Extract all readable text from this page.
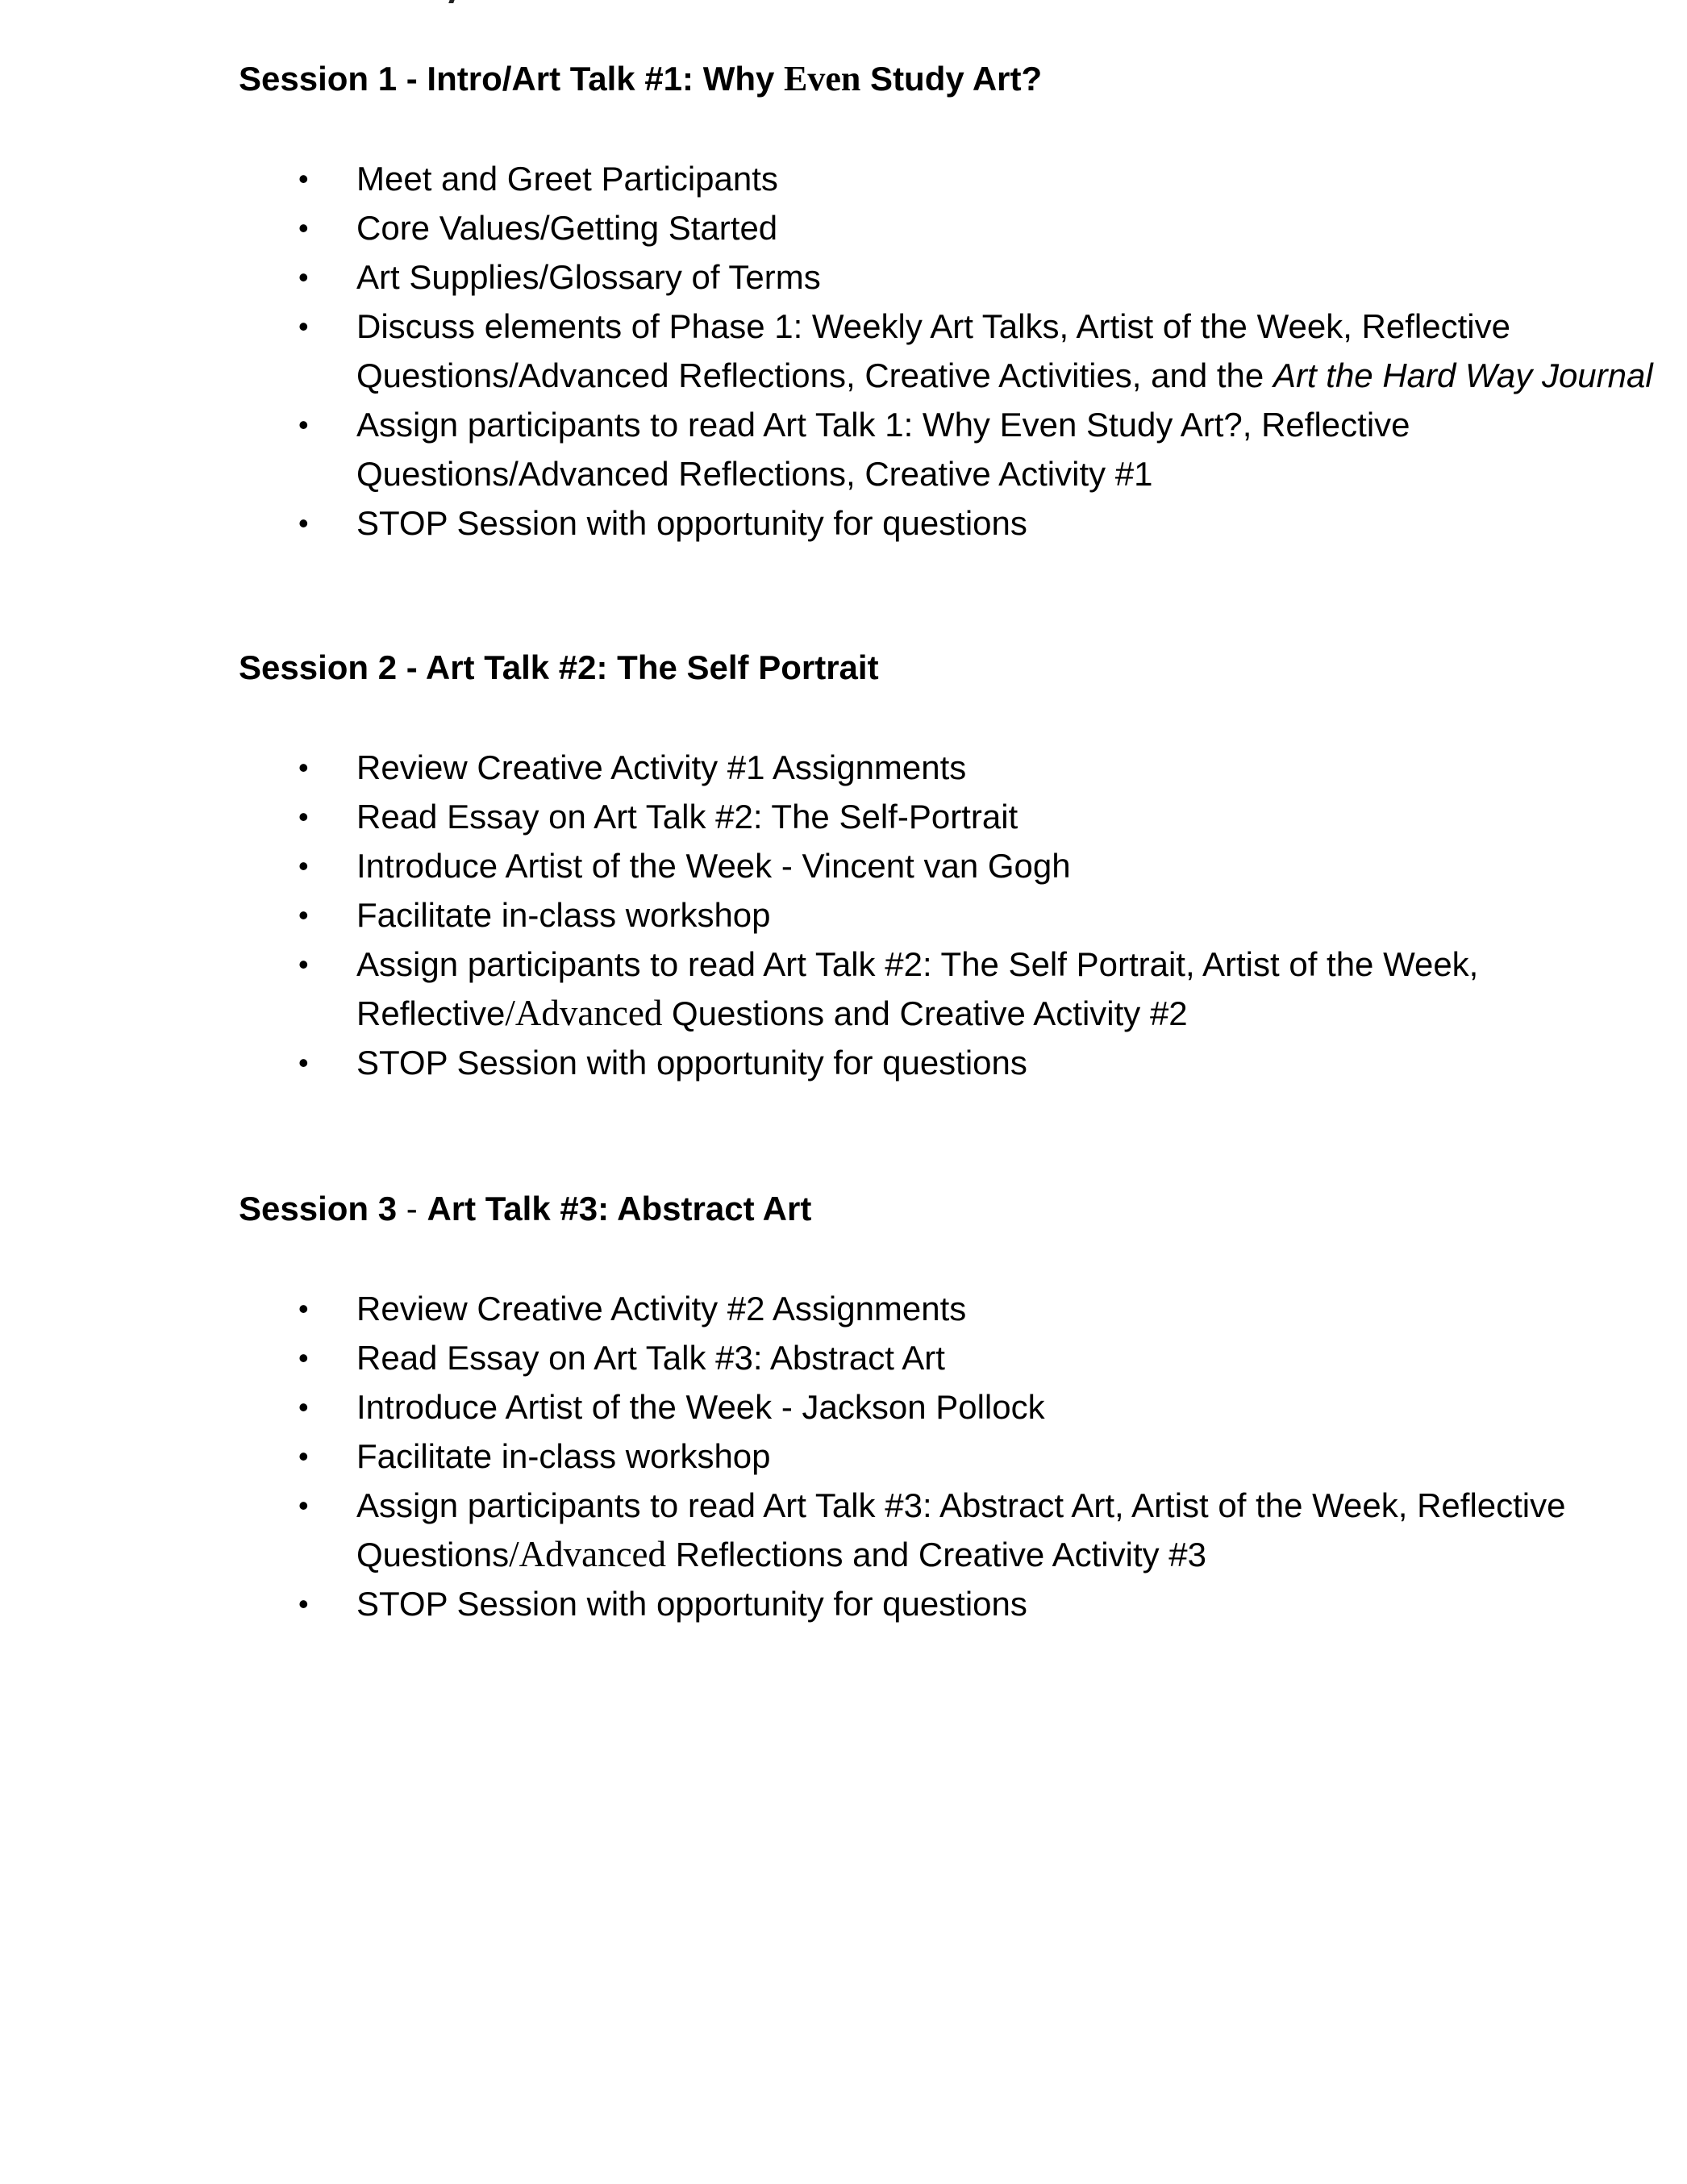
Session 1 - Intro/Art Talk #1: Why Even Study Art?
• Meet and Greet Participants
• Core Values/Getting Started
• Art Supplies/Glossary of Terms
• Discuss elements of Phase 1: Weekly Art Talks, Artist of the Week, Reflective
Questions/Advanced Reflections, Creative Activities, and the Art the Hard Way Journal
• Assign participants to read Art Talk 1: Why Even Study Art?, Reflective
Questions/Advanced Reflections, Creative Activity #1
• STOP Session with opportunity for questions
Session 2 - Art Talk #2: The Self Portrait
• Review Creative Activity #1 Assignments
• Read Essay on Art Talk #2: The Self-Portrait
• Introduce Artist of the Week - Vincent van Gogh
• Facilitate in-class workshop
• Assign participants to read Art Talk #2: The Self Portrait, Artist of the Week,
Reflective/Advanced Questions and Creative Activity #2
• STOP Session with opportunity for questions
Session 3 - Art Talk #3: Abstract Art
• Review Creative Activity #2 Assignments
• Read Essay on Art Talk #3: Abstract Art
• Introduce Artist of the Week - Jackson Pollock
• Facilitate in-class workshop
• Assign participants to read Art Talk #3: Abstract Art, Artist of the Week, Reflective
Questions/Advanced Reflections and Creative Activity #3
• STOP Session with opportunity for questions
